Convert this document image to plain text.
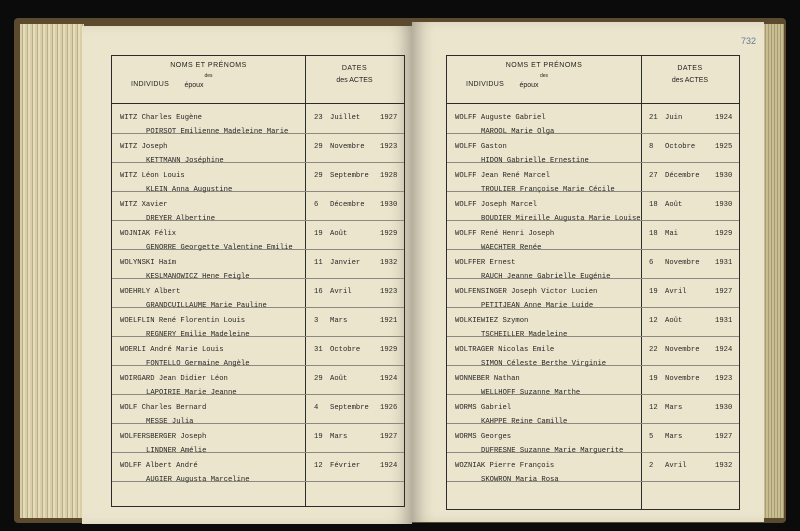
732
NOMS ET PRÉNOMS
des
INDIVIDUS	époux
DATES
des ACTES
WITZ Charles Eugène
POIRSOT Emilienne Madeleine Marie
23 Juillet	1927
WITZ Joseph
KETTMANN Joséphine
29 Novembre 1923
WITZ Léon Louis
KLEIN Anna Augustine
29 Septembre 1928
WITZ Xavier
DREYER Albertine
6 Décembre 1930
WOJNIAK Félix
GENORRE Georgette Valentine Emilie
19 Août	1929
WOLYNSKI Haïm
KESLMANOWICZ Hene Feigle
11 Janvier	1932
WOEHRLY Albert
GRANDCUILLAUME Marie Pauline
16 Avril	1923
WOELFLIN René Florentin Louis
REGNERY Emilie Madeleine
3 Mars	1921
WOERLI André Marie Louis
FONTELLO Germaine Angèle
31 Octobre	1929
WOIRGARD Jean Didier Léon
LAPOIRIE Marie Jeanne
29 Août	1924
WOLF Charles Bernard
MESSE Julia
4 Septembre 1926
WOLFERSBERGER Joseph
LINDNER Amélie
19 Mars	1927
WOLFF Albert André
AUGIER Augusta Marceline
12 Février	1924
NOMS ET PRÉNOMS
des
INDIVIDUS	époux
DATES
des ACTES
WOLFF Auguste Gabriel
MAROOL Marie Olga
21 Juin	1924
WOLFF Gaston
HIDON Gabrielle Ernestine
8 Octobre	1925
WOLFF Jean René Marcel
TROULIER Françoise Marie Cécile
27 Décembre 1930
WOLFF Joseph Marcel
BOUDIER Mireille Augusta Marie Louise
18 Août	1930
WOLFF René Henri Joseph
WAECHTER Renée
18 Mai	1929
WOLFFER Ernest
RAUCH Jeanne Gabrielle Eugénie
6 Novembre 1931
WOLFENSINGER Joseph Victor Lucien
PETITJEAN Anne Marie Luide
19 Avril	1927
WOLKIEWIEZ Szymon
TSCHEILLER Madeleine
12 Août	1931
WOLTRAGER Nicolas Emile
SIMON Céleste Berthe Virginie
22 Novembre 1924
WONNEBER Nathan
WELLHOFF Suzanne Marthe
19 Novembre 1923
WORMS Gabriel
KAHPPE Reine Camille
12 Mars	1930
WORMS Georges
DUFRESNE Suzanne Marie Marguerite
5 Mars	1927
WOZNIAK Pierre François
SKOWRON Maria Rosa
2 Avril	1932
